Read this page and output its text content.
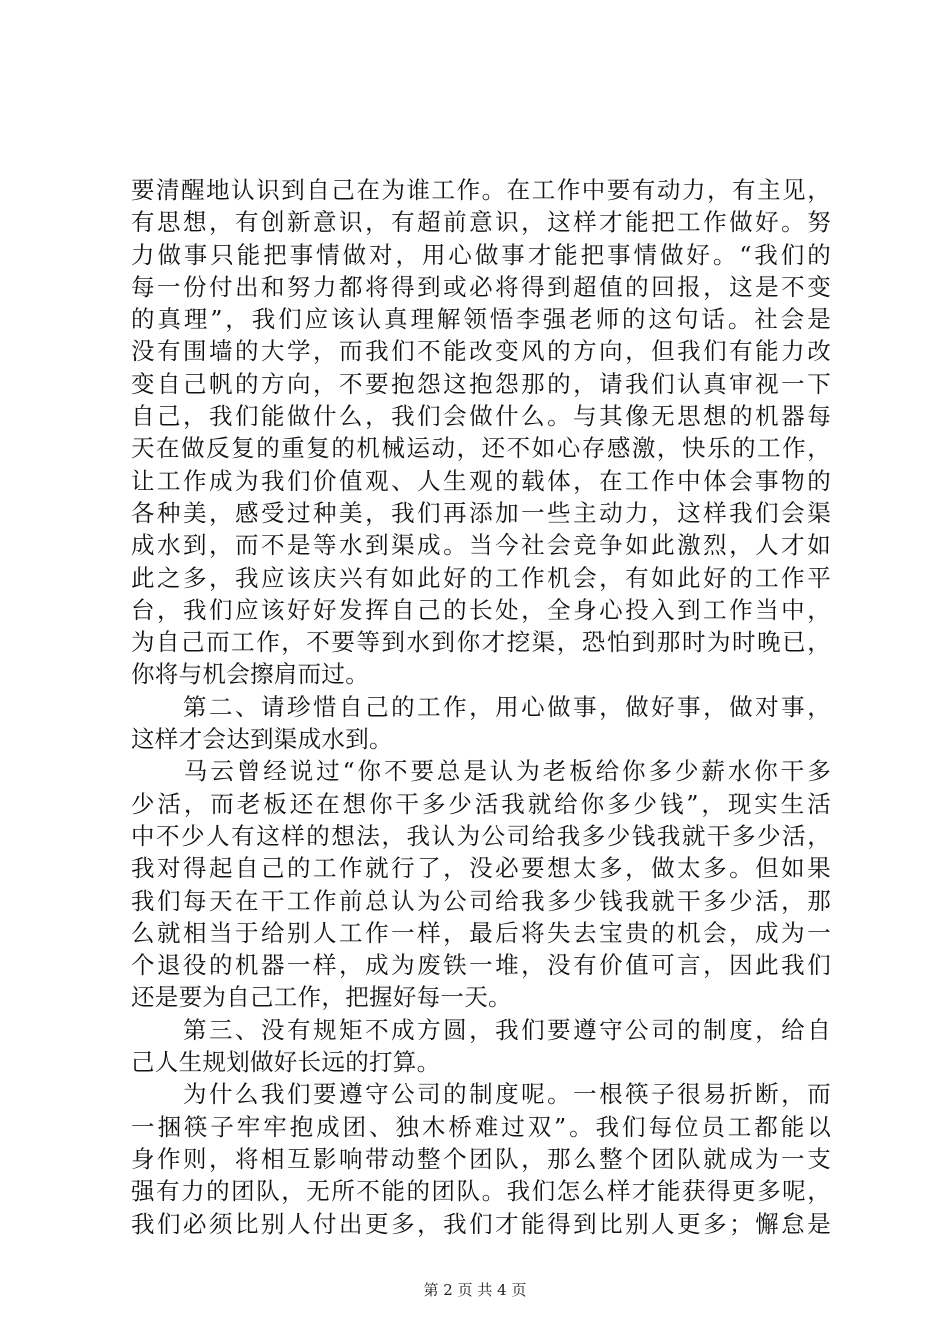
要清醒地认识到自己在为谁工作。在工作中要有动力，有主见，
有思想，有创新意识，有超前意识，这样才能把工作做好。努
力做事只能把事情做对，用心做事才能把事情做好。“我们的
每一份付出和努力都将得到或必将得到超值的回报，这是不变
的真理”，我们应该认真理解领悟李强老师的这句话。社会是
没有围墙的大学，而我们不能改变风的方向，但我们有能力改
变自己帆的方向，不要抱怨这抱怨那的，请我们认真审视一下
自己，我们能做什么，我们会做什么。与其像无思想的机器每
天在做反复的重复的机械运动，还不如心存感激，快乐的工作，
让工作成为我们价值观、人生观的载体，在工作中体会事物的
各种美，感受过种美，我们再添加一些主动力，这样我们会渠
成水到，而不是等水到渠成。当今社会竞争如此激烈，人才如
此之多，我应该庆兴有如此好的工作机会，有如此好的工作平
台，我们应该好好发挥自己的长处，全身心投入到工作当中，
为自己而工作，不要等到水到你才挖渠，恐怕到那时为时晚已，
你将与机会擦肩而过。
　　第二、请珍惜自己的工作，用心做事，做好事，做对事，
这样才会达到渠成水到。
　　马云曾经说过“你不要总是认为老板给你多少薪水你干多
少活，而老板还在想你干多少活我就给你多少钱”，现实生活
中不少人有这样的想法，我认为公司给我多少钱我就干多少活，
我对得起自己的工作就行了，没必要想太多，做太多。但如果
我们每天在干工作前总认为公司给我多少钱我就干多少活，那
么就相当于给别人工作一样，最后将失去宝贵的机会，成为一
个退役的机器一样，成为废铁一堆，没有价值可言，因此我们
还是要为自己工作，把握好每一天。
　　第三、没有规矩不成方圆，我们要遵守公司的制度，给自
己人生规划做好长远的打算。
　　为什么我们要遵守公司的制度呢。一根筷子很易折断，而
一捆筷子牢牢抱成团、独木桥难过双”。我们每位员工都能以
身作则，将相互影响带动整个团队，那么整个团队就成为一支
强有力的团队，无所不能的团队。我们怎么样才能获得更多呢，
我们必须比别人付出更多，我们才能得到比别人更多；懈怠是
第 2 页 共 4 页
